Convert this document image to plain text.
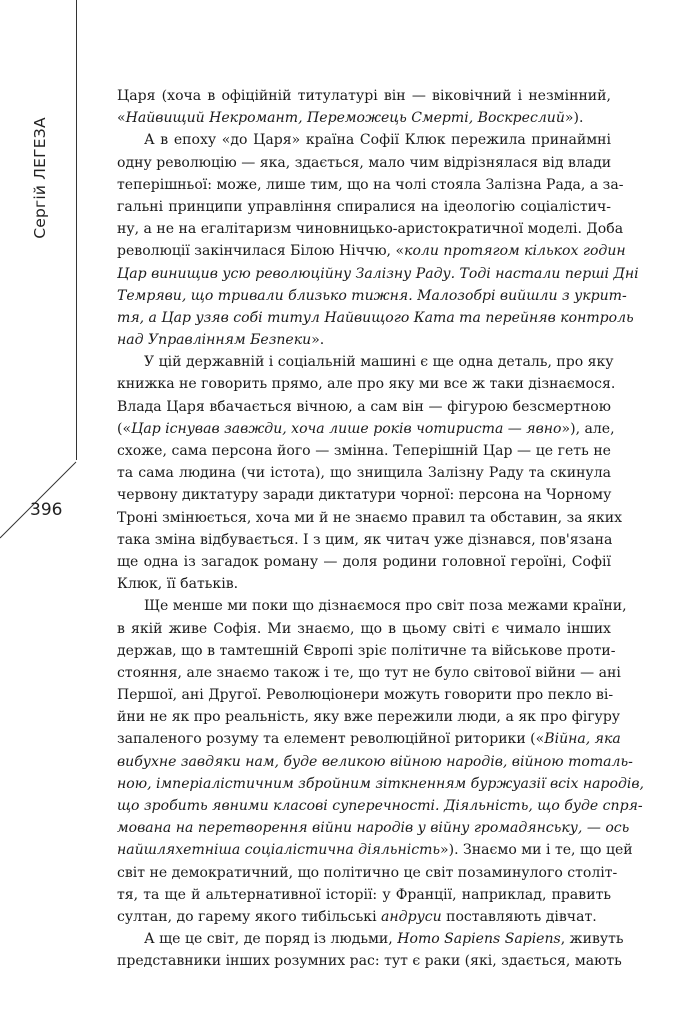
Сергій ЛЕГЕЗА
396
Царя (хоча в офіційній титулатурі він — віковічний і незмінний,
«Найвищий Некромант, Переможець Смерті, Воскреслий»).
А в епоху «до Царя» країна Софії Клюк пережила принаймні
одну революцію — яка, здається, мало чим відрізнялася від влади
теперішньої: може, лише тим, що на чолі стояла Залізна Рада, а за-
гальні принципи управління спиралися на ідеологію соціалістич-
ну, а не на егалітаризм чиновницько-аристократичної моделі. Доба
революції закінчилася Білою Ніччю, «коли протягом кількох годин
Цар винищив усю революційну Залізну Раду. Тоді настали перші Дні
Темряви, що тривали близько тижня. Малозобрі вийшли з укрит-
тя, а Цар узяв собі титул Найвищого Ката та перейняв контроль
над Управлінням Безпеки».
У цій державній і соціальній машині є ще одна деталь, про яку
книжка не говорить прямо, але про яку ми все ж таки дізнаємося.
Влада Царя вбачається вічною, а сам він — фігурою безсмертною
(«Цар існував завжди, хоча лише років чотириста — явно»), але,
схоже, сама персона його — змінна. Теперішній Цар — це геть не
та сама людина (чи істота), що знищила Залізну Раду та скинула
червону диктатуру заради диктатури чорної: персона на Чорному
Троні змінюється, хоча ми й не знаємо правил та обставин, за яких
така зміна відбувається. І з цим, як читач уже дізнався, пов'язана
ще одна із загадок роману — доля родини головної героїні, Софії
Клюк, її батьків.
Ще менше ми поки що дізнаємося про світ поза межами країни,
в якій живе Софія. Ми знаємо, що в цьому світі є чимало інших
держав, що в тамтешній Європі зріє політичне та військове проти-
стояння, але знаємо також і те, що тут не було світової війни — ані
Першої, ані Другої. Революціонери можуть говорити про пекло ві-
йни не як про реальність, яку вже пережили люди, а як про фігуру
запаленого розуму та елемент революційної риторики («Війна, яка
вибухне завдяки нам, буде великою війною народів, війною тоталь-
ною, імперіалістичним збройним зіткненням буржуазії всіх народів,
що зробить явними класові суперечності. Діяльність, що буде спря-
мована на перетворення війни народів у війну громадянську, — ось
найшляхетніша соціалістична діяльність»). Знаємо ми і те, що цей
світ не демократичний, що політично це світ позаминулого століт-
тя, та ще й альтернативної історії: у Франції, наприклад, править
султан, до гарему якого тибільські андруси поставляють дівчат.
А ще це світ, де поряд із людьми, Homo Sapiens Sapiens, живуть
представники інших розумних рас: тут є раки (які, здається, мають
